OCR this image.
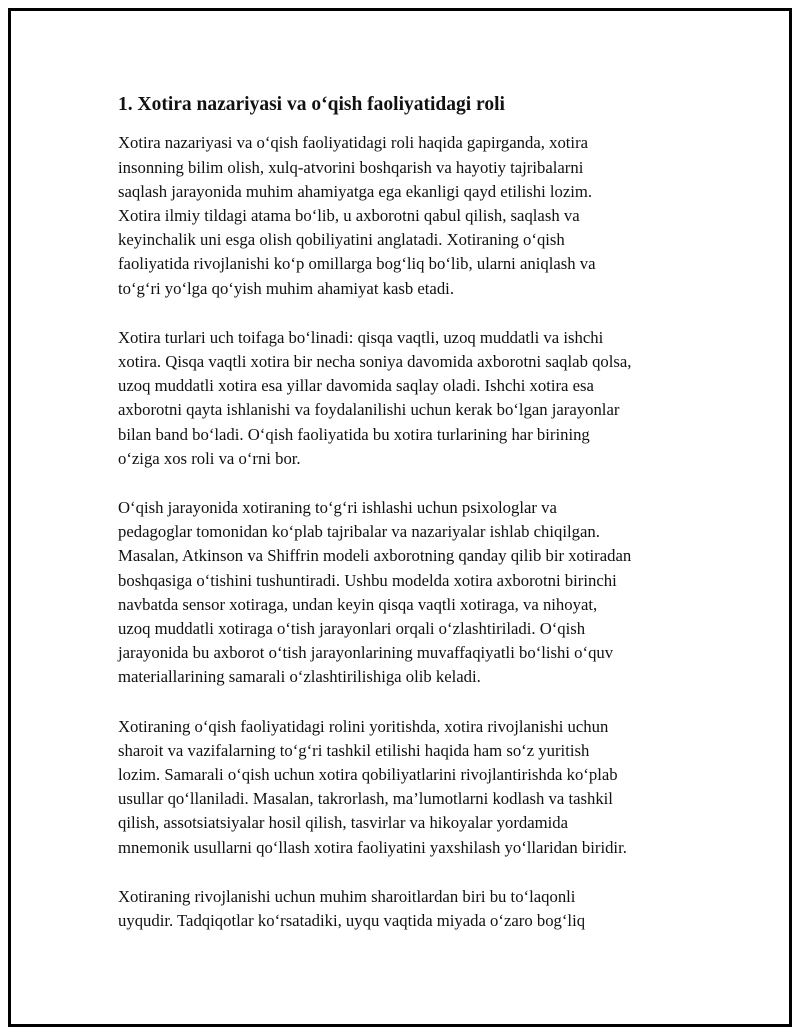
1. Xotira nazariyasi va o‘qish faoliyatidagi roli

Xotira nazariyasi va o‘qish faoliyatidagi roli haqida gapirganda, xotira
insonning bilim olish, xulq-atvorini boshqarish va hayotiy tajribalarni
saqlash jarayonida muhim ahamiyatga ega ekanligi qayd etilishi lozim.
Xotira ilmiy tildagi atama bo‘lib, u axborotni qabul qilish, saqlash va
keyinchalik uni esga olish qobiliyatini anglatadi. Xotiraning o‘qish
faoliyatida rivojlanishi ko‘p omillarga bog‘liq bo‘lib, ularni aniqlash va
to‘g‘ri yo‘lga qo‘yish muhim ahamiyat kasb etadi.

Xotira turlari uch toifaga bo‘linadi: qisqa vaqtli, uzoq muddatli va ishchi
xotira. Qisqa vaqtli xotira bir necha soniya davomida axborotni saqlab qolsa,
uzoq muddatli xotira esa yillar davomida saqlay oladi. Ishchi xotira esa
axborotni qayta ishlanishi va foydalanilishi uchun kerak bo‘lgan jarayonlar
bilan band bo‘ladi. O‘qish faoliyatida bu xotira turlarining har birining
o‘ziga xos roli va o‘rni bor.

O‘qish jarayonida xotiraning to‘g‘ri ishlashi uchun psixologlar va
pedagoglar tomonidan ko‘plab tajribalar va nazariyalar ishlab chiqilgan.
Masalan, Atkinson va Shiffrin modeli axborotning qanday qilib bir xotiradan
boshqasiga o‘tishini tushuntiradi. Ushbu modelda xotira axborotni birinchi
navbatda sensor xotiraga, undan keyin qisqa vaqtli xotiraga, va nihoyat,
uzoq muddatli xotiraga o‘tish jarayonlari orqali o‘zlashtiriladi. O‘qish
jarayonida bu axborot o‘tish jarayonlarining muvaffaqiyatli bo‘lishi o‘quv
materiallarining samarali o‘zlashtirilishiga olib keladi.

Xotiraning o‘qish faoliyatidagi rolini yoritishda, xotira rivojlanishi uchun
sharoit va vazifalarning to‘g‘ri tashkil etilishi haqida ham so‘z yuritish
lozim. Samarali o‘qish uchun xotira qobiliyatlarini rivojlantirishda ko‘plab
usullar qo‘llaniladi. Masalan, takrorlash, ma’lumotlarni kodlash va tashkil
qilish, assotsiatsiyalar hosil qilish, tasvirlar va hikoyalar yordamida
mnemonik usullarni qo‘llash xotira faoliyatini yaxshilash yo‘llaridan biridir.

Xotiraning rivojlanishi uchun muhim sharoitlardan biri bu to‘laqonli
uyqudir. Tadqiqotlar ko‘rsatadiki, uyqu vaqtida miyada o‘zaro bog‘liq
